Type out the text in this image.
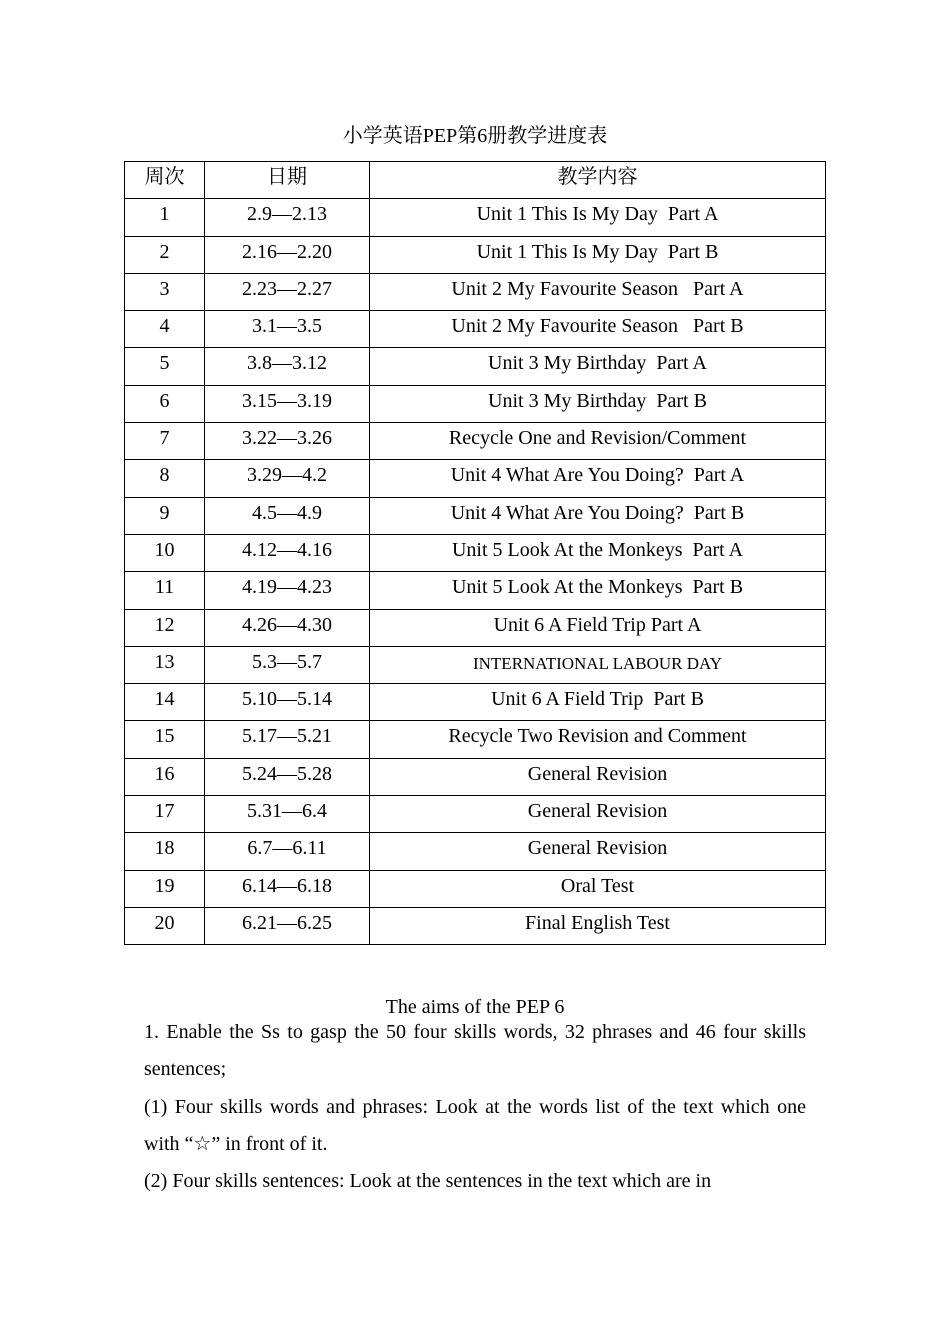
小学英语PEP第6册教学进度表
周次	日期	教学内容
1	2.9—2.13	Unit 1 This Is My Day  Part A
2	2.16—2.20	Unit 1 This Is My Day  Part B
3	2.23—2.27	Unit 2 My Favourite Season   Part A
4	3.1—3.5	Unit 2 My Favourite Season   Part B
5	3.8—3.12	Unit 3 My Birthday  Part A
6	3.15—3.19	Unit 3 My Birthday  Part B
7	3.22—3.26	Recycle One and Revision/Comment
8	3.29—4.2	Unit 4 What Are You Doing?  Part A
9	4.5—4.9	Unit 4 What Are You Doing?  Part B
10	4.12—4.16	Unit 5 Look At the Monkeys  Part A
11	4.19—4.23	Unit 5 Look At the Monkeys  Part B
12	4.26—4.30	Unit 6 A Field Trip Part A
13	5.3—5.7	INTERNATIONAL LABOUR DAY
14	5.10—5.14	Unit 6 A Field Trip  Part B
15	5.17—5.21	Recycle Two Revision and Comment
16	5.24—5.28	General Revision
17	5.31—6.4	General Revision
18	6.7—6.11	General Revision
19	6.14—6.18	Oral Test
20	6.21—6.25	Final English Test
The aims of the PEP 6

1. Enable the Ss to gasp the 50 four skills words, 32 phrases and 46 four skills sentences;

(1) Four skills words and phrases: Look at the words list of the text which one with “☆” in front of it.

(2) Four skills sentences: Look at the sentences in the text which are in
